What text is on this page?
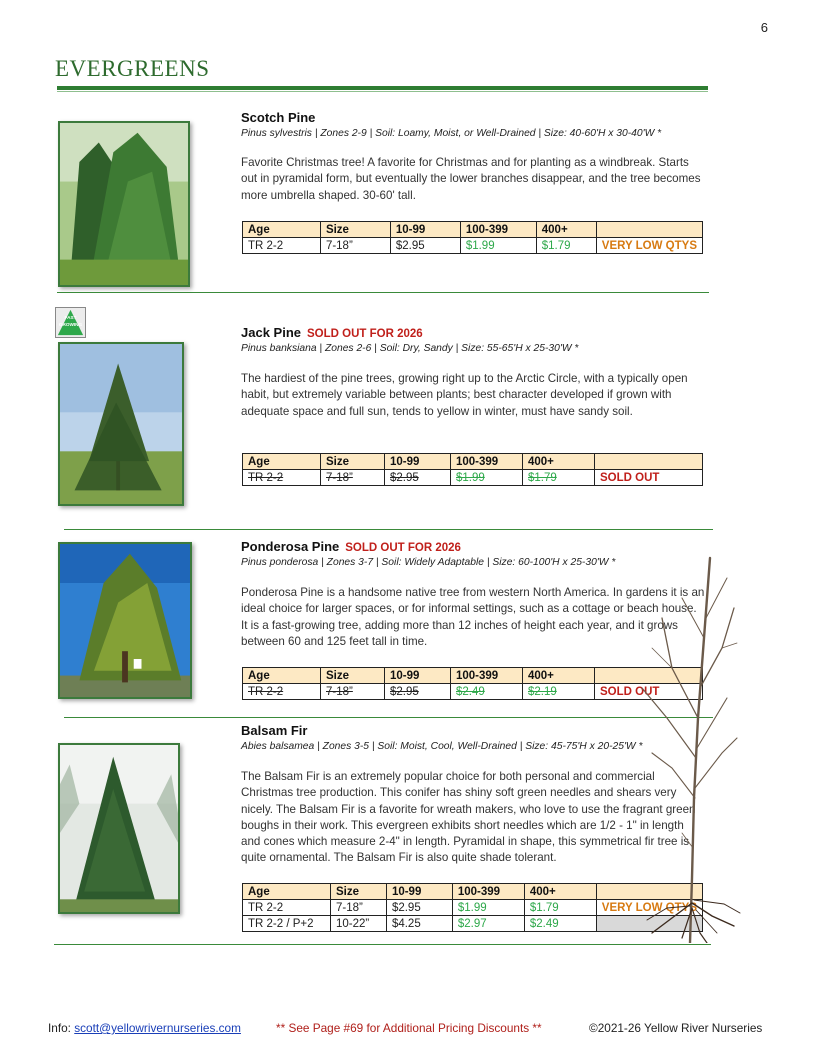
6
EVERGREENS
Scotch Pine
Pinus sylvestris | Zones 2-9 | Soil: Loamy, Moist, or Well-Drained | Size: 40-60'H x 30-40'W *
Favorite Christmas tree! A favorite for Christmas and for planting as a windbreak. Starts out in pyramidal form, but eventually the lower branches disappear, and the tree becomes more umbrella shaped. 30-60' tall.
Age	Size	10-99	100-399	400+	
TR 2-2	7-18”	$2.95	$1.99	$1.79	VERY LOW QTYS
FAST
GROWING
Jack Pine SOLD OUT FOR 2026
Pinus banksiana | Zones 2-6 | Soil: Dry, Sandy | Size: 55-65'H x 25-30'W *
The hardiest of the pine trees, growing right up to the Arctic Circle, with a typically open habit, but extremely variable between plants; best character developed if grown with adequate space and full sun, tends to yellow in winter, must have sandy soil.
Age	Size	10-99	100-399	400+	
TR 2-2	7-18”	$2.95	$1.99	$1.79	SOLD OUT
Ponderosa Pine SOLD OUT FOR 2026
Pinus ponderosa | Zones 3-7 | Soil: Widely Adaptable | Size: 60-100'H x 25-30'W *
Ponderosa Pine is a handsome native tree from western North America. In gardens it is an ideal choice for larger spaces, or for informal settings, such as a cottage or beach house. It is a fast-growing tree, adding more than 12 inches of height each year, and it grows between 60 and 125 feet tall in time.
Age	Size	10-99	100-399	400+	
TR 2-2	7-18”	$2.95	$2.49	$2.19	SOLD OUT
Balsam Fir
Abies balsamea | Zones 3-5 | Soil: Moist, Cool, Well-Drained | Size: 45-75'H x 20-25'W *
The Balsam Fir is an extremely popular choice for both personal and commercial Christmas tree production. This conifer has shiny soft green needles and shears very nicely. The Balsam Fir is a favorite for wreath makers, who love to use the fragrant green boughs in their work. This evergreen exhibits short needles which are 1/2 - 1" in length and cones which measure 2-4" in length. Pyramidal in shape, this symmetrical fir tree is quite ornamental. The Balsam Fir is also quite shade tolerant.
Age	Size	10-99	100-399	400+	
TR 2-2	7-18”	$2.95	$1.99	$1.79	VERY LOW QTYS
TR 2-2 / P+2	10-22”	$4.25	$2.97	$2.49	
Info: scott@yellowrivernurseries.com	** See Page #69 for Additional Pricing Discounts **	©2021-26 Yellow River Nurseries
